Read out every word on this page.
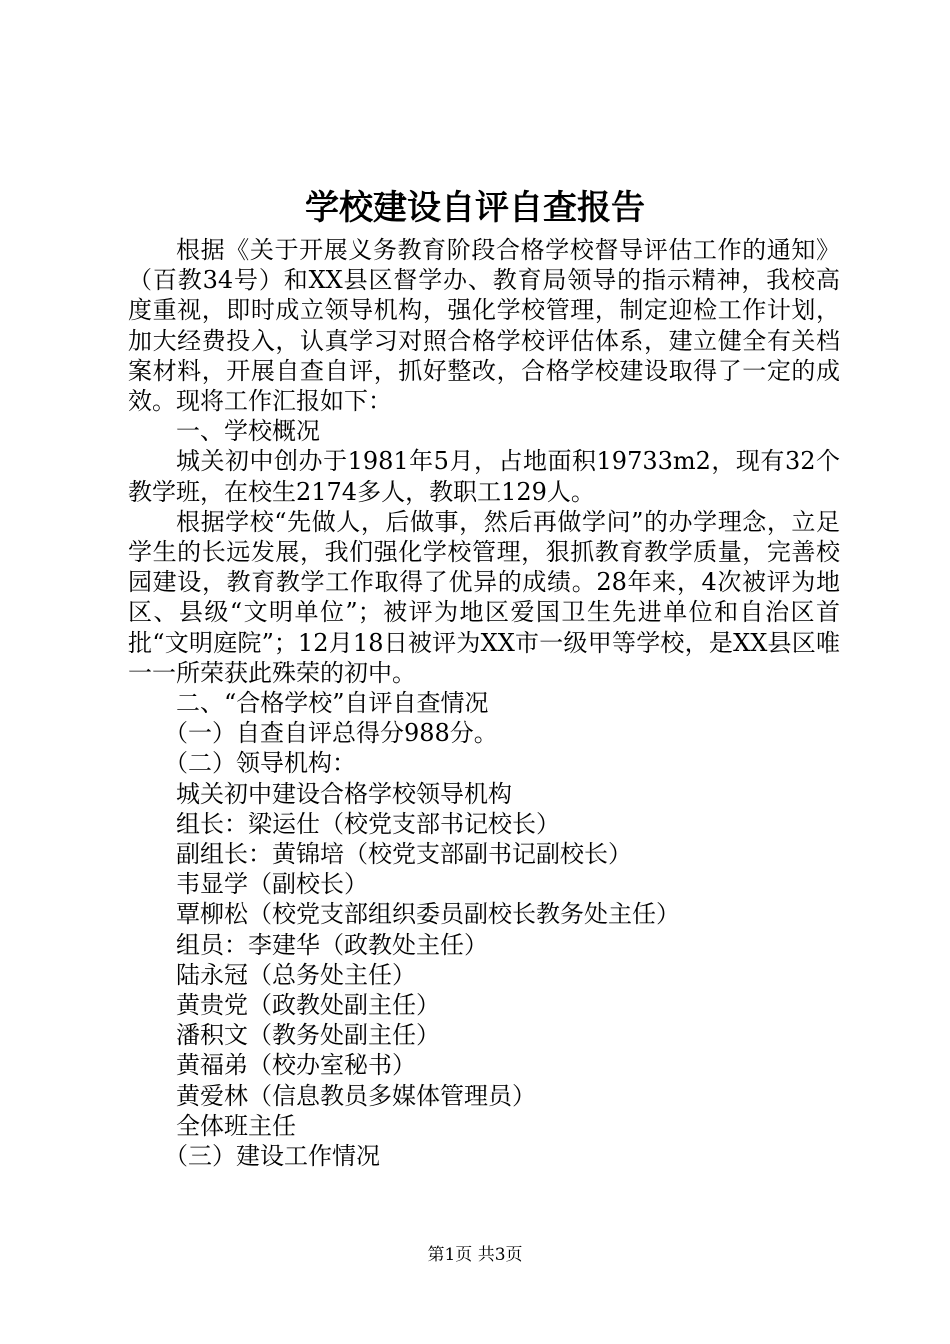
学校建设自评自查报告

根据《关于开展义务教育阶段合格学校督导评估工作的通知》（百教34号）和XX县区督学办、教育局领导的指示精神，我校高度重视，即时成立领导机构，强化学校管理，制定迎检工作计划，加大经费投入，认真学习对照合格学校评估体系，建立健全有关档案材料，开展自查自评，抓好整改，合格学校建设取得了一定的成效。现将工作汇报如下：

一、学校概况

城关初中创办于1981年5月，占地面积19733m2，现有32个教学班，在校生2174多人，教职工129人。

根据学校“先做人，后做事，然后再做学问”的办学理念，立足学生的长远发展，我们强化学校管理，狠抓教育教学质量，完善校园建设，教育教学工作取得了优异的成绩。28年来，4次被评为地区、县级“文明单位”；被评为地区爱国卫生先进单位和自治区首批“文明庭院”；12月18日被评为XX市一级甲等学校，是XX县区唯一一所荣获此殊荣的初中。

二、“合格学校”自评自查情况
（一）自查自评总得分988分。
（二）领导机构：
城关初中建设合格学校领导机构
组长：梁运仕（校党支部书记校长）
副组长：黄锦培（校党支部副书记副校长）
韦显学（副校长）
覃柳松（校党支部组织委员副校长教务处主任）
组员：李建华（政教处主任）
陆永冠（总务处主任）
黄贵党（政教处副主任）
潘积文（教务处副主任）
黄福弟（校办室秘书）
黄爱林（信息教员多媒体管理员）
全体班主任
（三）建设工作情况
第1页 共3页
